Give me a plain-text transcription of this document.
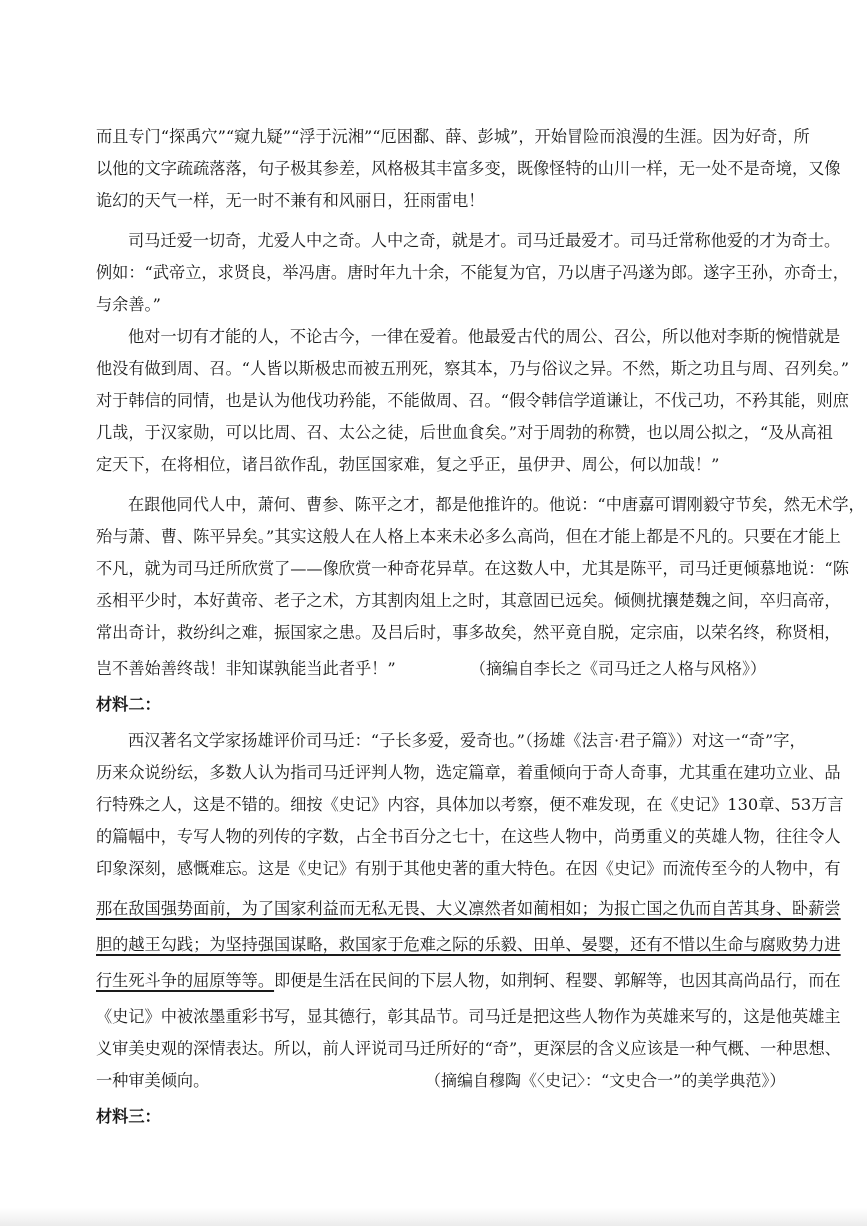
而且专门“探禹穴”“窥九疑”“浮于沅湘”“厄困鄱、薛、彭城”，开始冒险而浪漫的生涯。因为好奇，所
以他的文字疏疏落落，句子极其参差，风格极其丰富多变，既像怪特的山川一样，无一处不是奇境，又像
诡幻的天气一样，无一时不兼有和风丽日，狂雨雷电！
司马迁爱一切奇，尤爱人中之奇。人中之奇，就是才。司马迁最爱才。司马迁常称他爱的才为奇士。
例如：“武帝立，求贤良，举冯唐。唐时年九十余，不能复为官，乃以唐子冯遂为郎。遂字王孙，亦奇士，
与余善。”
他对一切有才能的人，不论古今，一律在爱着。他最爱古代的周公、召公，所以他对李斯的惋惜就是
他没有做到周、召。“人皆以斯极忠而被五刑死，察其本，乃与俗议之异。不然，斯之功且与周、召列矣。”
对于韩信的同情，也是认为他伐功矜能，不能做周、召。“假令韩信学道谦让，不伐己功，不矜其能，则庶
几哉，于汉家勋，可以比周、召、太公之徒，后世血食矣。”对于周勃的称赞，也以周公拟之，“及从高祖
定天下，在将相位，诸吕欲作乱，勃匡国家难，复之乎正，虽伊尹、周公，何以加哉！”
在跟他同代人中，萧何、曹参、陈平之才，都是他推许的。他说：“中唐嘉可谓刚毅守节矣，然无术学，
殆与萧、曹、陈平异矣。”其实这般人在人格上本来未必多么高尚，但在才能上都是不凡的。只要在才能上
不凡，就为司马迁所欣赏了——像欣赏一种奇花异草。在这数人中，尤其是陈平，司马迁更倾慕地说：“陈
丞相平少时，本好黄帝、老子之术，方其割肉俎上之时，其意固已远矣。倾侧扰攘楚魏之间，卒归高帝，
常出奇计，救纷纠之难，振国家之患。及吕后时，事多故矣，然平竟自脱，定宗庙，以荣名终，称贤相，
岂不善始善终哉！非知谋孰能当此者乎！”	（摘编自李长之《司马迁之人格与风格》）
材料二：
西汉著名文学家扬雄评价司马迁：“子长多爱，爱奇也。”（扬雄《法言·君子篇》）对这一“奇”字，
历来众说纷纭，多数人认为指司马迁评判人物，选定篇章，着重倾向于奇人奇事，尤其重在建功立业、品
行特殊之人，这是不错的。细按《史记》内容，具体加以考察，便不难发现，在《史记》130章、53万言
的篇幅中，专写人物的列传的字数，占全书百分之七十，在这些人物中，尚勇重义的英雄人物，往往令人
印象深刻，感慨难忘。这是《史记》有别于其他史著的重大特色。在因《史记》而流传至今的人物中，有
那在敌国强势面前，为了国家利益而无私无畏、大义凛然者如蔺相如；为报亡国之仇而自苦其身、卧薪尝
胆的越王勾践；为坚持强国谋略，救国家于危难之际的乐毅、田单、晏婴，还有不惜以生命与腐败势力进
行生死斗争的屈原等等。即便是生活在民间的下层人物，如荆轲、程婴、郭解等，也因其高尚品行，而在
《史记》中被浓墨重彩书写，显其德行，彰其品节。司马迁是把这些人物作为英雄来写的，这是他英雄主
义审美史观的深情表达。所以，前人评说司马迁所好的“奇”，更深层的含义应该是一种气概、一种思想、
一种审美倾向。	（摘编自穆陶《〈史记〉：“文史合一”的美学典范》）
材料三：
